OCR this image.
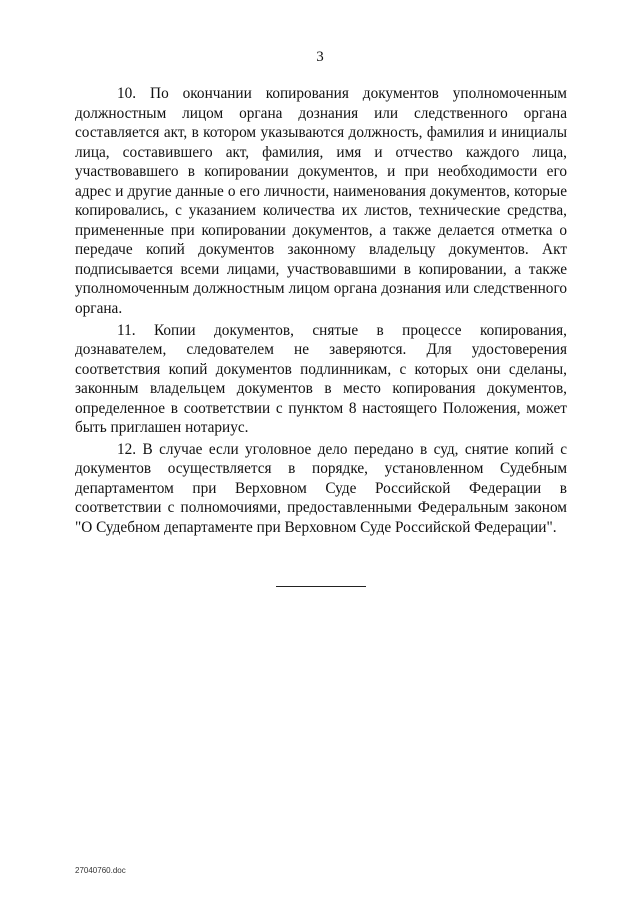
3

10. По окончании копирования документов уполномоченным должностным лицом органа дознания или следственного органа составляется акт, в котором указываются должность, фамилия и инициалы лица, составившего акт, фамилия, имя и отчество каждого лица, участвовавшего в копировании документов, и при необходимости его адрес и другие данные о его личности, наименования документов, которые копировались, с указанием количества их листов, технические средства, примененные при копировании документов, а также делается отметка о передаче копий документов законному владельцу документов. Акт подписывается всеми лицами, участвовавшими в копировании, а также уполномоченным должностным лицом органа дознания или следственного органа.

11. Копии документов, снятые в процессе копирования, дознавателем, следователем не заверяются. Для удостоверения соответствия копий документов подлинникам, с которых они сделаны, законным владельцем документов в место копирования документов, определенное в соответствии с пунктом 8 настоящего Положения, может быть приглашен нотариус.

12. В случае если уголовное дело передано в суд, снятие копий с документов осуществляется в порядке, установленном Судебным департаментом при Верховном Суде Российской Федерации в соответствии с полномочиями, предоставленными Федеральным законом "О Судебном департаменте при Верховном Суде Российской Федерации".

27040760.doc
